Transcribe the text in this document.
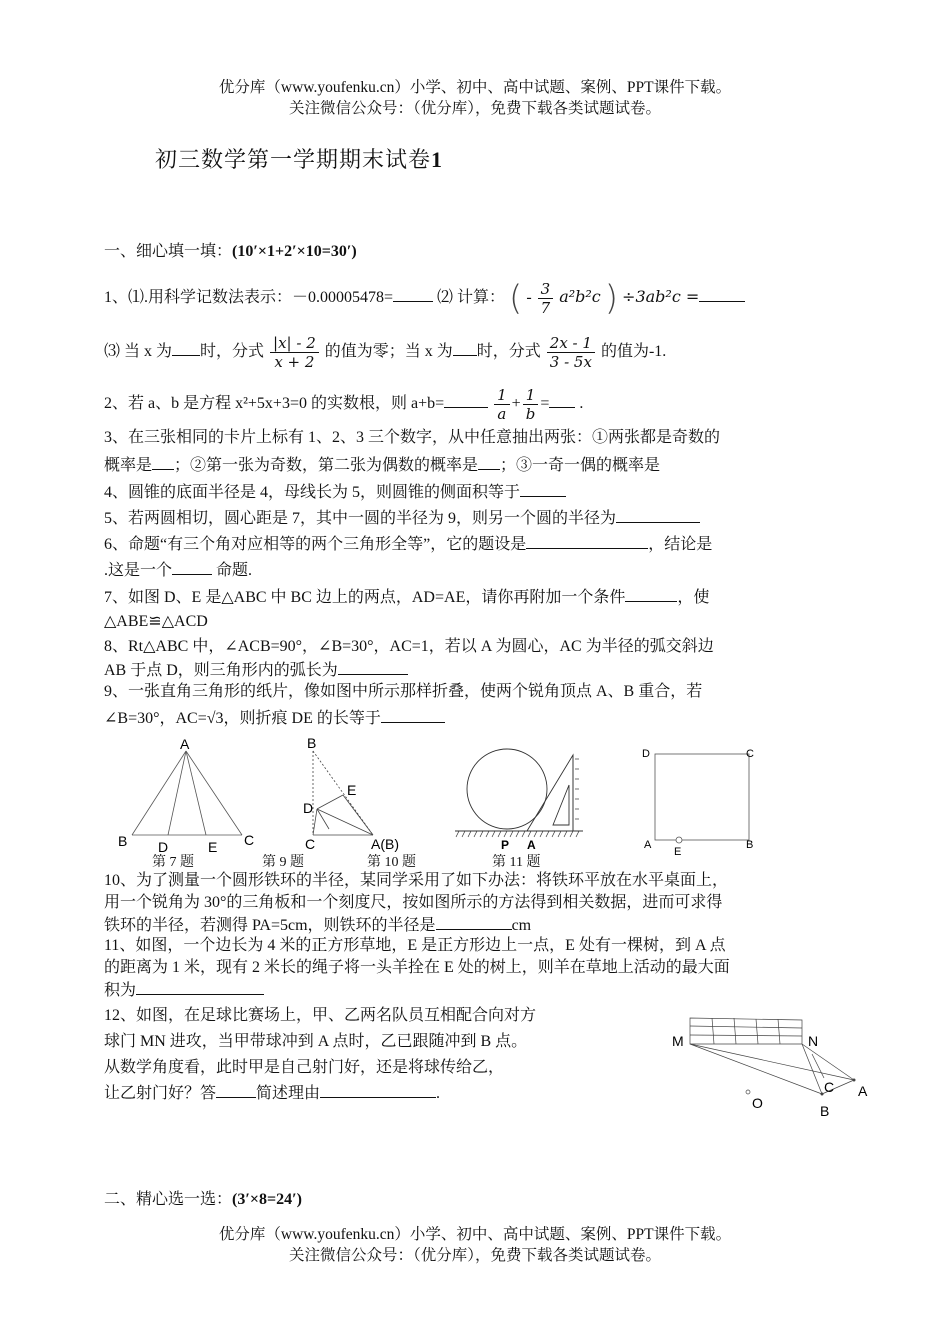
优分库（www.youfenku.cn）小学、初中、高中试题、案例、PPT课件下载。
关注微信公众号：（优分库），免费下载各类试题试卷。
初三数学第一学期期末试卷1
一、细心填一填：(10′×1+2′×10=30′)
1、⑴.用科学记数法表示：－0.00005478=	⑵ 计算： ( - $\frac{3}{7} a^2b^2c$ ) ÷3ab²c =
⑶ 当 x 为 时，分式 $\frac{|x| - 2}{x + 2}$ 的值为零；当 x 为 时，分式 $\frac{2x - 1}{3 - 5x}$ 的值为-1.
2、若 a、b 是方程 x²+5x+3=0 的实数根，则 a+b=	$\frac{1}{a} + \frac{1}{b}$ = .
3、在三张相同的卡片上标有 1、2、3 三个数字，从中任意抽出两张：①两张都是奇数的
概率是 ；②第一张为奇数，第二张为偶数的概率是 ；③一奇一偶的概率是
4、圆锥的底面半径是 4，母线长为 5，则圆锥的侧面积等于
5、若两圆相切，圆心距是 7，其中一圆的半径为 9，则另一个圆的半径为
6、命题“有三个角对应相等的两个三角形全等”，它的题设是	，结论是
.这是一个	命题.
7、如图 D、E 是△ABC 中 BC 边上的两点，AD=AE，请你再附加一个条件	，使
△ABE≌△ACD
8、Rt△ABC 中，∠ACB=90°，∠B=30°，AC=1，若以 A 为圆心，AC 为半径的弧交斜边
AB 于点 D，则三角形内的弧长为
9、一张直角三角形的纸片，像如图中所示那样折叠，使两个锐角顶点 A、B 重合，若
∠B=30°，AC=√3，则折痕 DE 的长等于
A
B	C
D	E
第 7 题
B
E
D
C	A(B)
第 9 题
P A
第 10 题
D	C
A	B
E
第 11 题
10、为了测量一个圆形铁环的半径，某同学采用了如下办法：将铁环平放在水平桌面上，
用一个锐角为 30°的三角板和一个刻度尺，按如图所示的方法得到相关数据，进而可求得
铁环的半径，若测得 PA=5cm，则铁环的半径是	cm
11、如图，一个边长为 4 米的正方形草地，E 是正方形边上一点，E 处有一棵树，到 A 点
的距离为 1 米，现有 2 米长的绳子将一头羊拴在 E 处的树上，则羊在草地上活动的最大面
积为
12、如图，在足球比赛场上，甲、乙两名队员互相配合向对方
球门 MN 进攻，当甲带球冲到 A 点时，乙已跟随冲到 B 点。
从数学角度看，此时甲是自己射门好，还是将球传给乙，
让乙射门好？答	简述理由	.
M	N
C A
O	B
二、精心选一选：(3′×8=24′)
优分库（www.youfenku.cn）小学、初中、高中试题、案例、PPT课件下载。
关注微信公众号：（优分库），免费下载各类试题试卷。
